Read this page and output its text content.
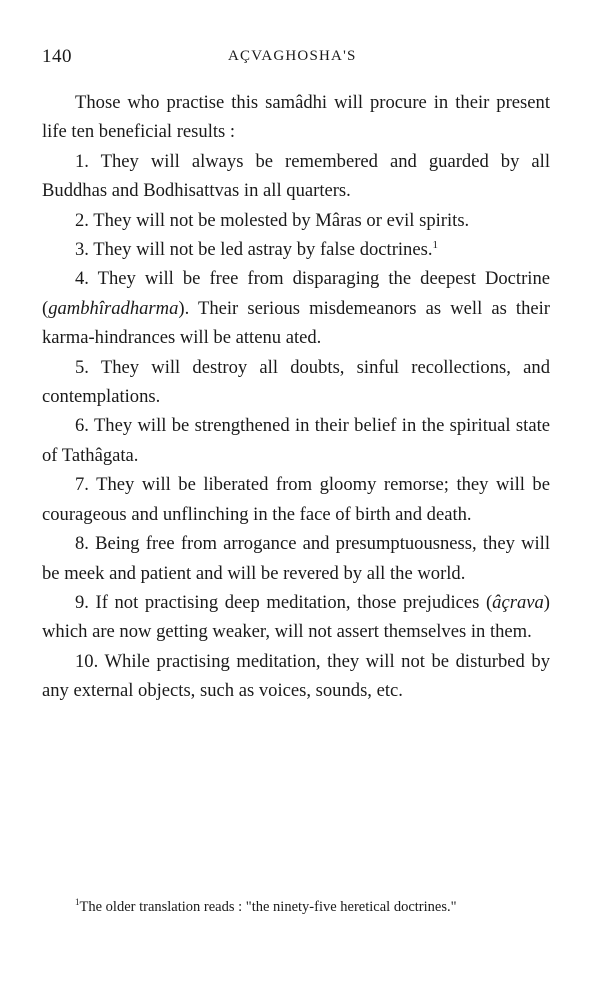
140	AÇVAGHOSHA'S

Those who practise this samâdhi will procure in their present life ten beneficial results :

1. They will always be remembered and guarded by all Buddhas and Bodhisattvas in all quarters.

2. They will not be molested by Mâras or evil spirits.

3. They will not be led astray by false doctrines.$^1$

4. They will be free from disparaging the deepest Doctrine (gambhîradharma). Their serious misdemeanors as well as their karma-hindrances will be attenu ated.

5. They will destroy all doubts, sinful recollections, and contemplations.

6. They will be strengthened in their belief in the spiritual state of Tathâgata.

7. They will be liberated from gloomy remorse; they will be courageous and unflinching in the face of birth and death.

8. Being free from arrogance and presumptuousness, they will be meek and patient and will be revered by all the world.

9. If not practising deep meditation, those prejudices (âçrava) which are now getting weaker, will not assert themselves in them.

10. While practising meditation, they will not be disturbed by any external objects, such as voices, sounds, etc.

$^1$The older translation reads : "the ninety-five heretical doctrines."
